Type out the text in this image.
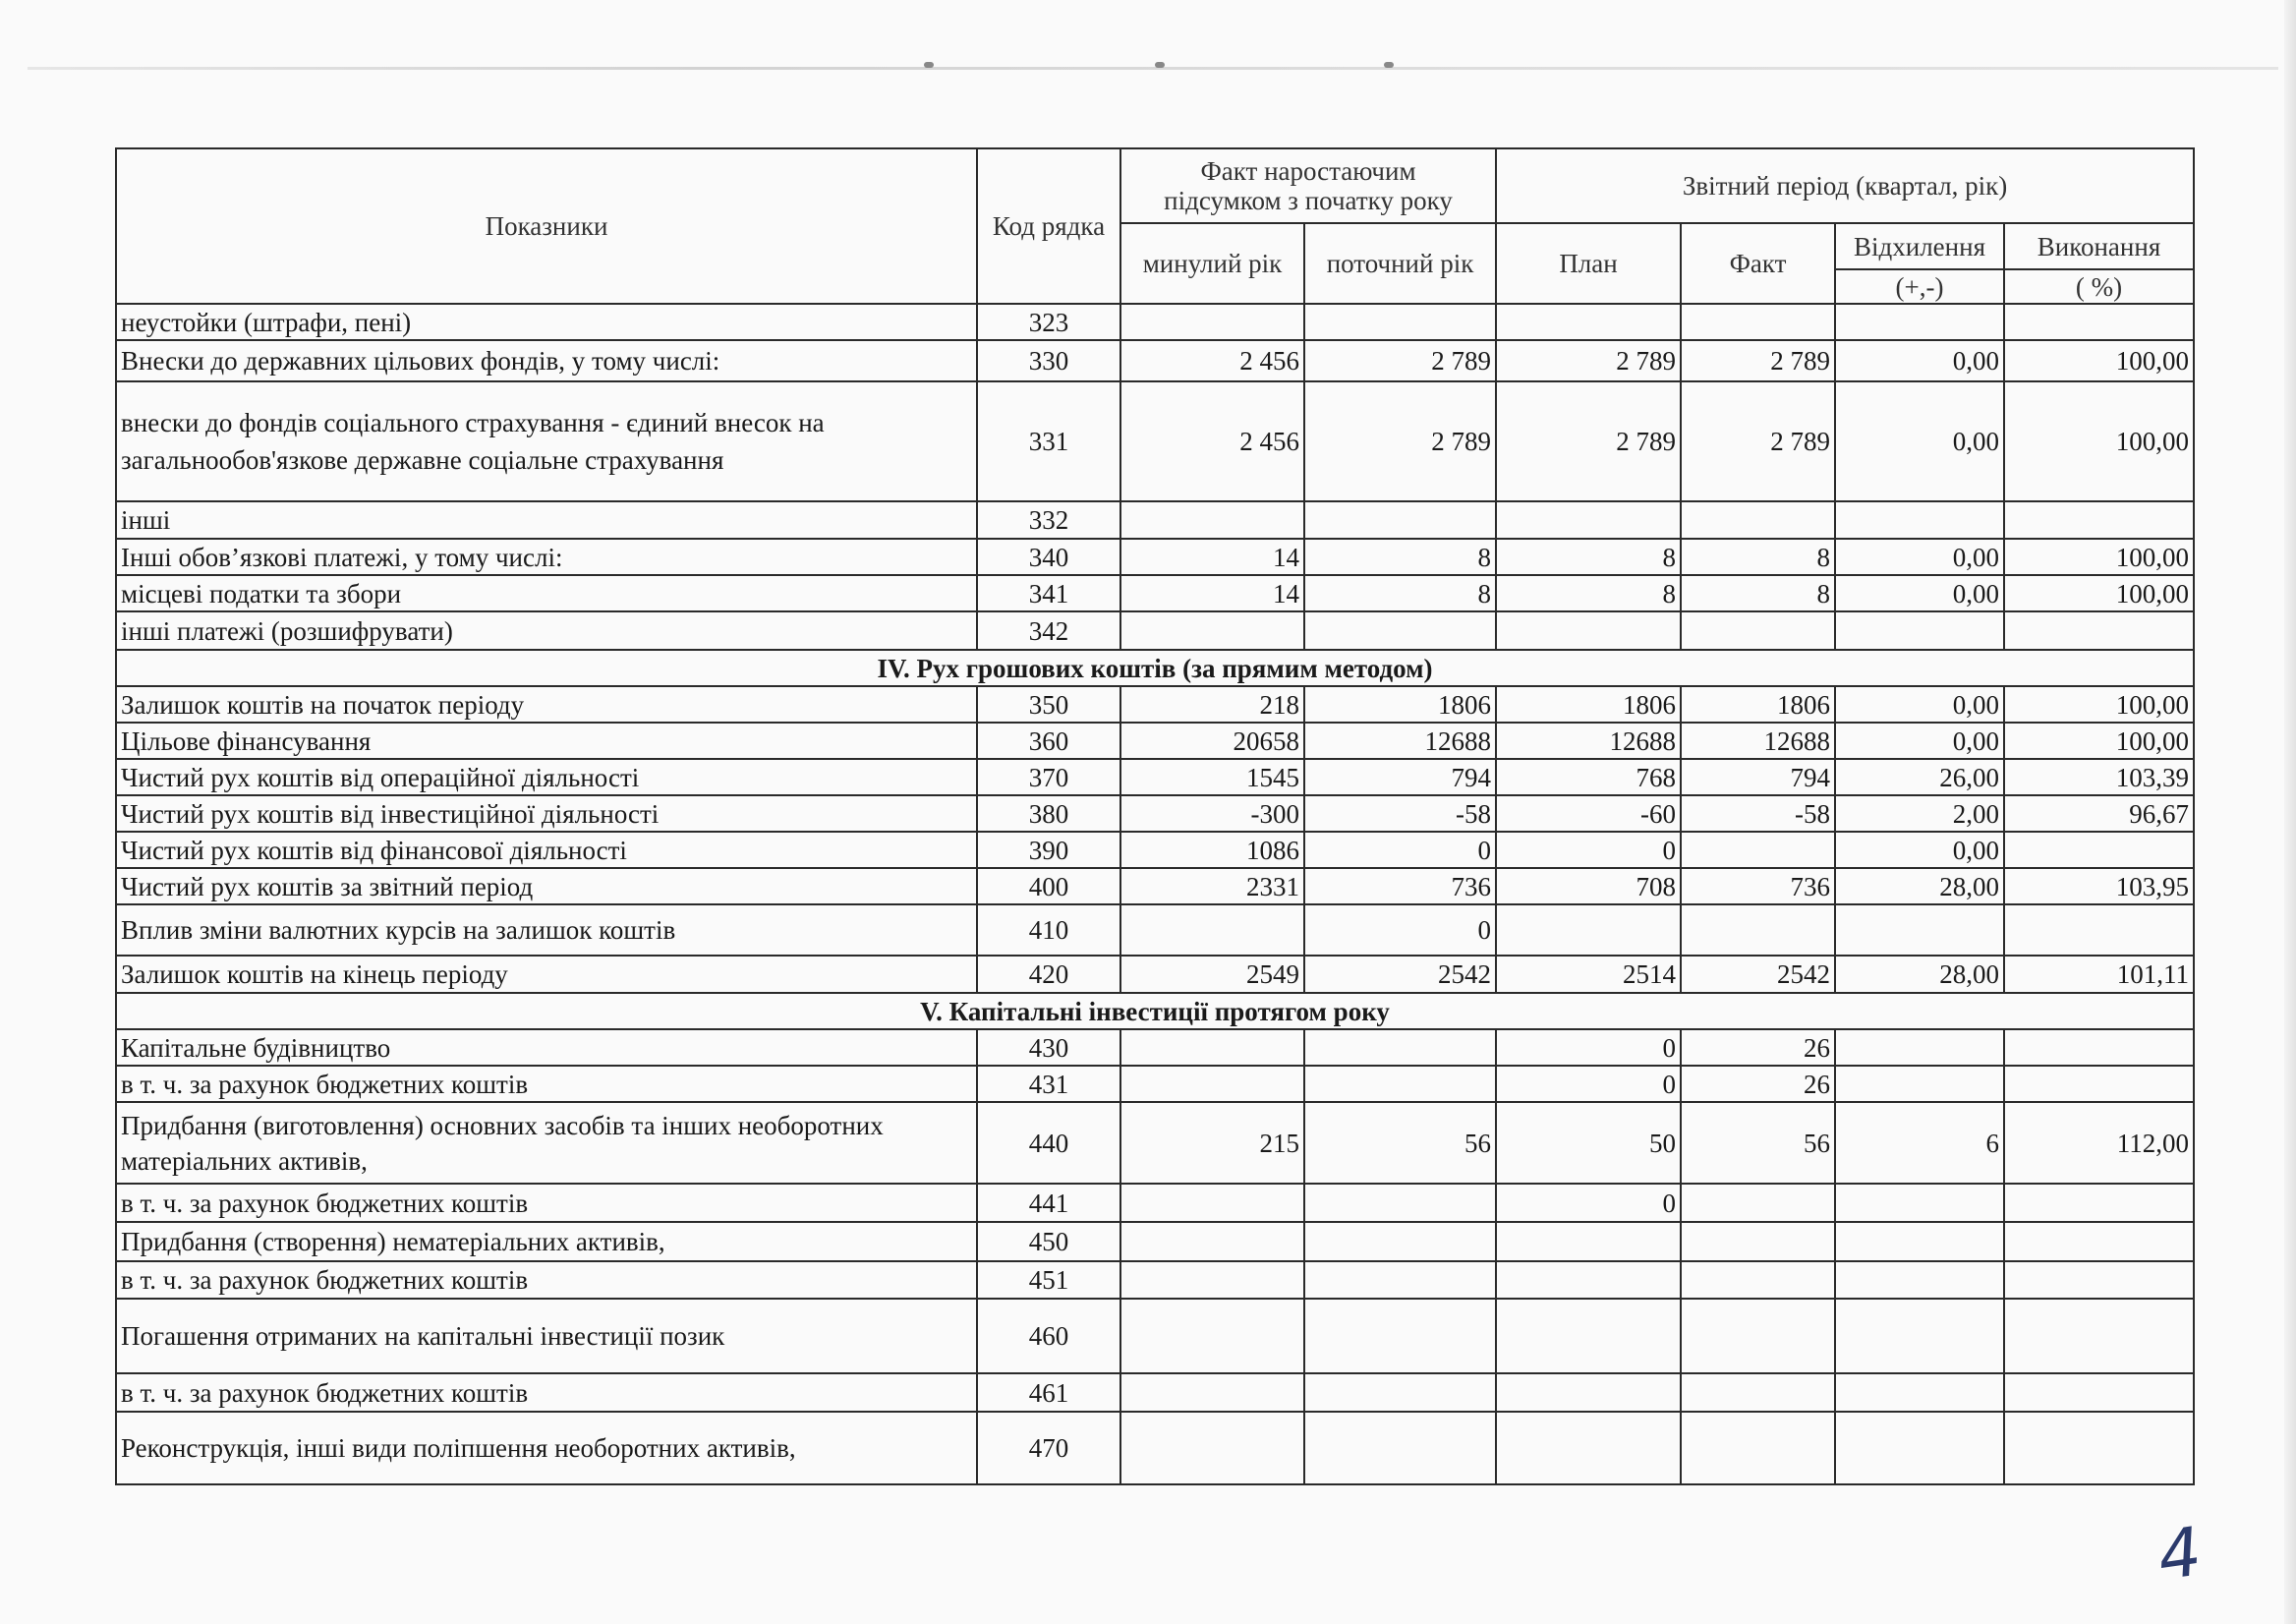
Показники	Код рядка	Факт наростаючим
підсумком з початку року		Звітний період (квартал, рік)			
		минулий рік	поточний рік	План	Факт	Відхилення	Виконання
						(+,-)	( %)
неустойки (штрафи, пені)	323						
Внески до державних цільових фондів, у тому числі:	330	2 456	2 789	2 789	2 789	0,00	100,00

внески до фондів соціального страхування - єдиний внесок на
загальнообов'язкове державне соціальне страхування	331	2 456	2 789	2 789	2 789	0,00	100,00
інші	332						
Інші обов’язкові платежі, у тому числі:	340	14	8	8	8	0,00	100,00
місцеві податки та збори	341	14	8	8	8	0,00	100,00
інші платежі (розшифрувати)	342						
IV. Рух грошових коштів (за прямим методом)							
Залишок коштів на початок періоду	350	218	1806	1806	1806	0,00	100,00
Цільове фінансування	360	20658	12688	12688	12688	0,00	100,00
Чистий рух коштів від операційної діяльності	370	1545	794	768	794	26,00	103,39
Чистий рух коштів від інвестиційної діяльності	380	-300	-58	-60	-58	2,00	96,67
Чистий рух коштів від фінансової діяльності	390	1086	0	0		0,00	
Чистий рух коштів за звітний період	400	2331	736	708	736	28,00	103,95
Вплив зміни валютних курсів на залишок коштів	410		0				
Залишок коштів на кінець періоду	420	2549	2542	2514	2542	28,00	101,11
V. Капітальні інвестиції протягом року							
Капітальне будівництво	430			0	26		
в т. ч. за рахунок бюджетних коштів	431			0	26		

Придбання (виготовлення) основних засобів та інших необоротних
матеріальних активів,	440	215	56	50	56	6	112,00
в т. ч. за рахунок бюджетних коштів	441			0			
Придбання (створення) нематеріальних активів,	450						
в т. ч. за рахунок бюджетних коштів	451						
Погашення отриманих на капітальні інвестиції позик	460						
в т. ч. за рахунок бюджетних коштів	461						
Реконструкція, інші види поліпшення необоротних активів,	470						
4
